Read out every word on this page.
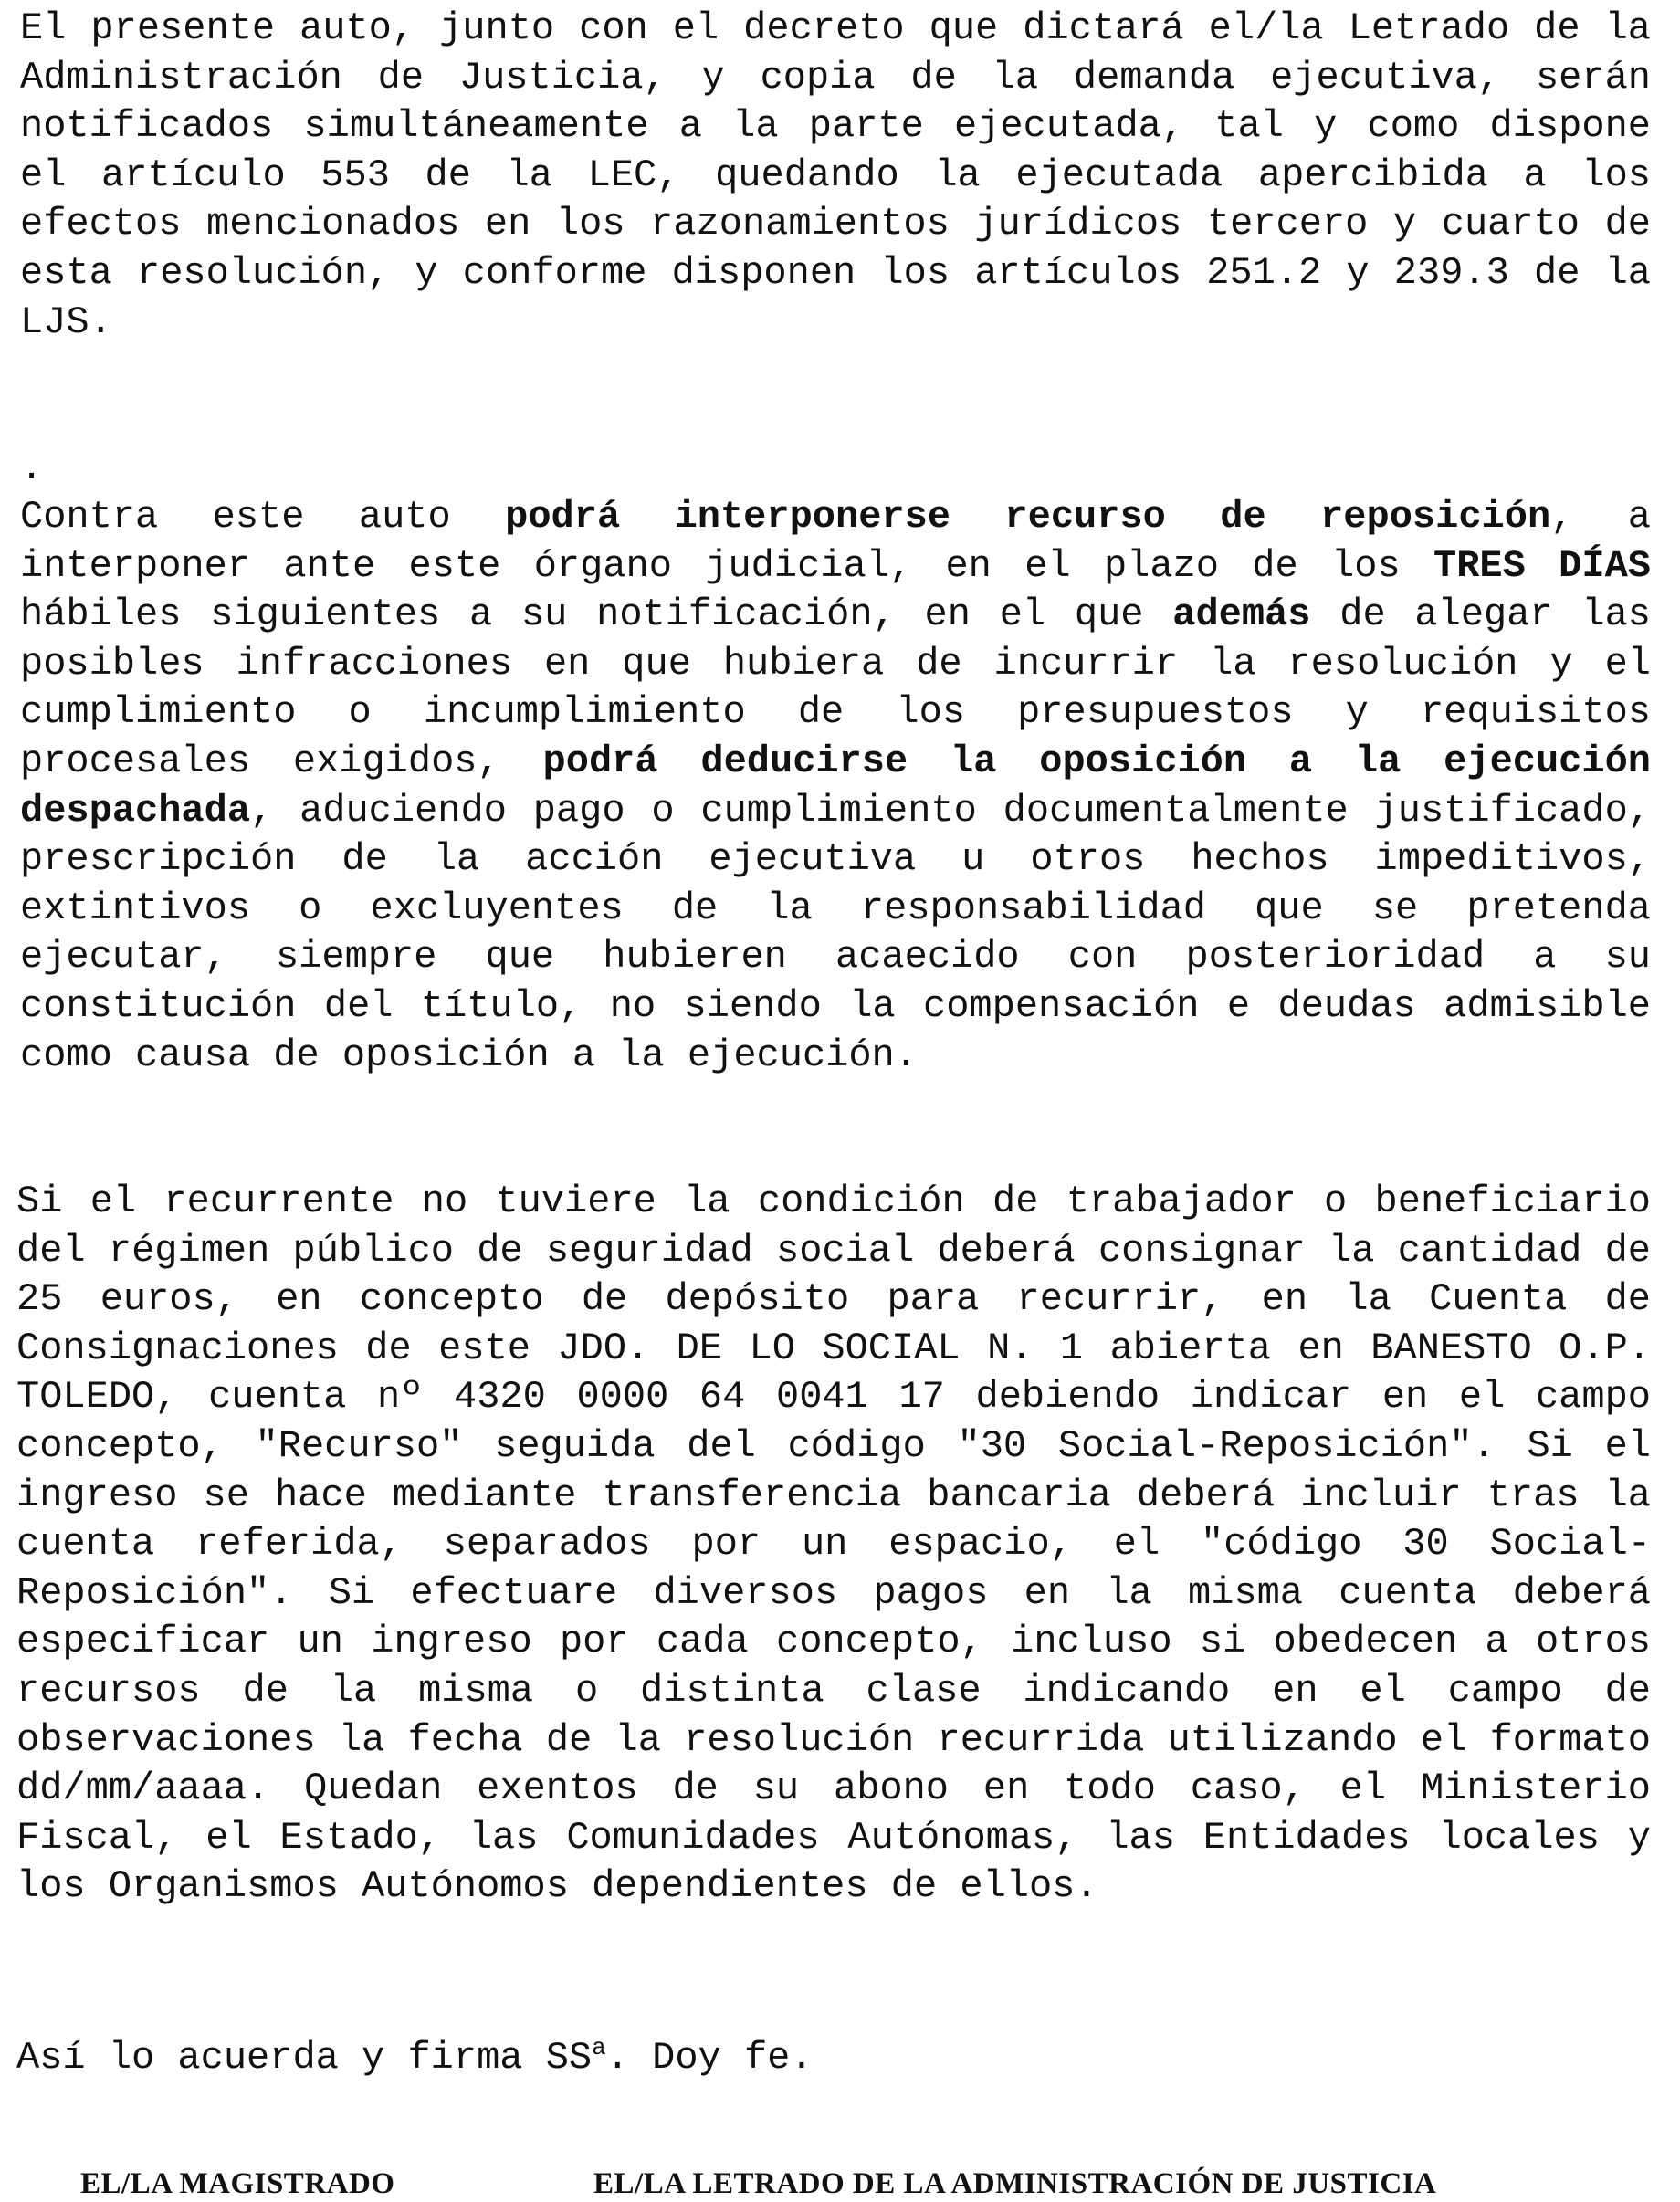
El presente auto, junto con el decreto que dictará el/la Letrado de la Administración de Justicia, y copia de la demanda ejecutiva, serán notificados simultáneamente a la parte ejecutada, tal y como dispone el artículo 553 de la LEC, quedando la ejecutada apercibida a los efectos mencionados en los razonamientos jurídicos tercero y cuarto de esta resolución, y conforme disponen los artículos 251.2 y 239.3 de la LJS.

.

Contra este auto podrá interponerse recurso de reposición, a interponer ante este órgano judicial, en el plazo de los TRES DÍAS hábiles siguientes a su notificación, en el que además de alegar las posibles infracciones en que hubiera de incurrir la resolución y el cumplimiento o incumplimiento de los presupuestos y requisitos procesales exigidos, podrá deducirse la oposición a la ejecución despachada, aduciendo pago o cumplimiento documentalmente justificado, prescripción de la acción ejecutiva u otros hechos impeditivos, extintivos o excluyentes de la responsabilidad que se pretenda ejecutar, siempre que hubieren acaecido con posterioridad a su constitución del título, no siendo la compensación e deudas admisible como causa de oposición a la ejecución.

Si el recurrente no tuviere la condición de trabajador o beneficiario del régimen público de seguridad social deberá consignar la cantidad de 25 euros, en concepto de depósito para recurrir, en la Cuenta de Consignaciones de este JDO. DE LO SOCIAL N. 1 abierta en BANESTO O.P. TOLEDO, cuenta nº 4320 0000 64 0041 17 debiendo indicar en el campo concepto, "Recurso" seguida del código "30 Social-Reposición". Si el ingreso se hace mediante transferencia bancaria deberá incluir tras la cuenta referida, separados por un espacio, el "código 30 Social- Reposición". Si efectuare diversos pagos en la misma cuenta deberá especificar un ingreso por cada concepto, incluso si obedecen a otros recursos de la misma o distinta clase indicando en el campo de observaciones la fecha de la resolución recurrida utilizando el formato dd/mm/aaaa. Quedan exentos de su abono en todo caso, el Ministerio Fiscal, el Estado, las Comunidades Autónomas, las Entidades locales y los Organismos Autónomos dependientes de ellos.

Así lo acuerda y firma $SS^a$. Doy fe.

EL/LA MAGISTRADO	EL/LA LETRADO DE LA ADMINISTRACIÓN DE JUSTICIA
